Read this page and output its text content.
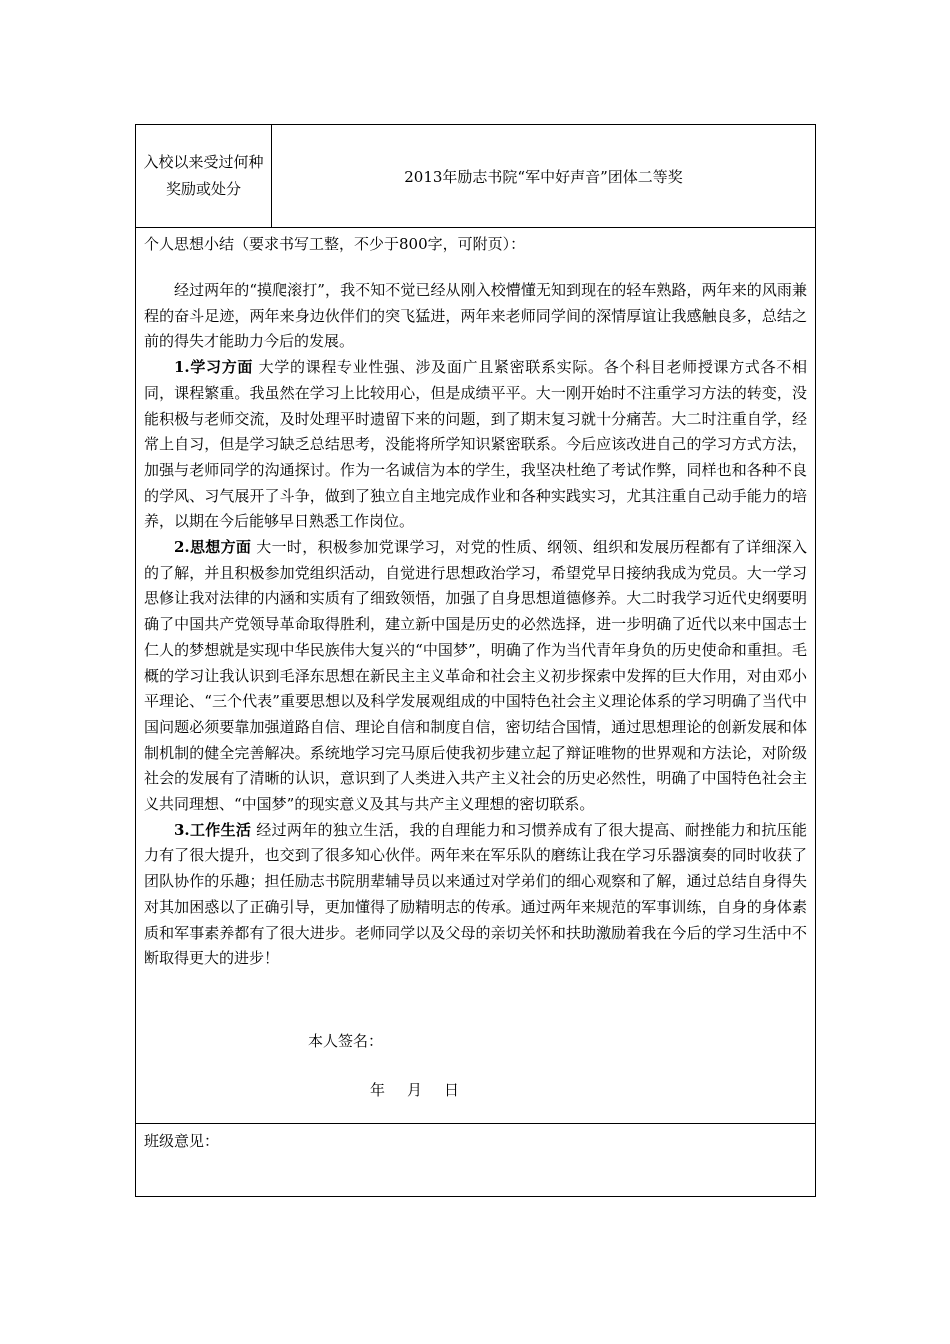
入校以来受过何种奖励或处分
2013年励志书院“军中好声音”团体二等奖
个人思想小结（要求书写工整，不少于800字，可附页）：

经过两年的“摸爬滚打”，我不知不觉已经从刚入校懵懂无知到现在的轻车熟路，两年来的风雨兼程的奋斗足迹，两年来身边伙伴们的突飞猛进，两年来老师同学间的深情厚谊让我感触良多，总结之前的得失才能助力今后的发展。

1.学习方面 大学的课程专业性强、涉及面广且紧密联系实际。各个科目老师授课方式各不相同，课程繁重。我虽然在学习上比较用心，但是成绩平平。大一刚开始时不注重学习方法的转变，没能积极与老师交流，及时处理平时遗留下来的问题，到了期末复习就十分痛苦。大二时注重自学，经常上自习，但是学习缺乏总结思考，没能将所学知识紧密联系。今后应该改进自己的学习方式方法，加强与老师同学的沟通探讨。作为一名诚信为本的学生，我坚决杜绝了考试作弊，同样也和各种不良的学风、习气展开了斗争，做到了独立自主地完成作业和各种实践实习，尤其注重自己动手能力的培养，以期在今后能够早日熟悉工作岗位。

2.思想方面 大一时，积极参加党课学习，对党的性质、纲领、组织和发展历程都有了详细深入的了解，并且积极参加党组织活动，自觉进行思想政治学习，希望党早日接纳我成为党员。大一学习思修让我对法律的内涵和实质有了细致领悟，加强了自身思想道德修养。大二时我学习近代史纲要明确了中国共产党领导革命取得胜利，建立新中国是历史的必然选择，进一步明确了近代以来中国志士仁人的梦想就是实现中华民族伟大复兴的“中国梦”，明确了作为当代青年身负的历史使命和重担。毛概的学习让我认识到毛泽东思想在新民主主义革命和社会主义初步探索中发挥的巨大作用，对由邓小平理论、“三个代表”重要思想以及科学发展观组成的中国特色社会主义理论体系的学习明确了当代中国问题必须要靠加强道路自信、理论自信和制度自信，密切结合国情，通过思想理论的创新发展和体制机制的健全完善解决。系统地学习完马原后使我初步建立起了辩证唯物的世界观和方法论，对阶级社会的发展有了清晰的认识，意识到了人类进入共产主义社会的历史必然性，明确了中国特色社会主义共同理想、“中国梦”的现实意义及其与共产主义理想的密切联系。

3.工作生活 经过两年的独立生活，我的自理能力和习惯养成有了很大提高、耐挫能力和抗压能力有了很大提升，也交到了很多知心伙伴。两年来在军乐队的磨练让我在学习乐器演奏的同时收获了团队协作的乐趣；担任励志书院朋辈辅导员以来通过对学弟们的细心观察和了解，通过总结自身得失对其加困惑以了正确引导，更加懂得了励精明志的传承。通过两年来规范的军事训练，自身的身体素质和军事素养都有了很大进步。老师同学以及父母的亲切关怀和扶助激励着我在今后的学习生活中不断取得更大的进步！

本人签名：
年 月 日
班级意见：
